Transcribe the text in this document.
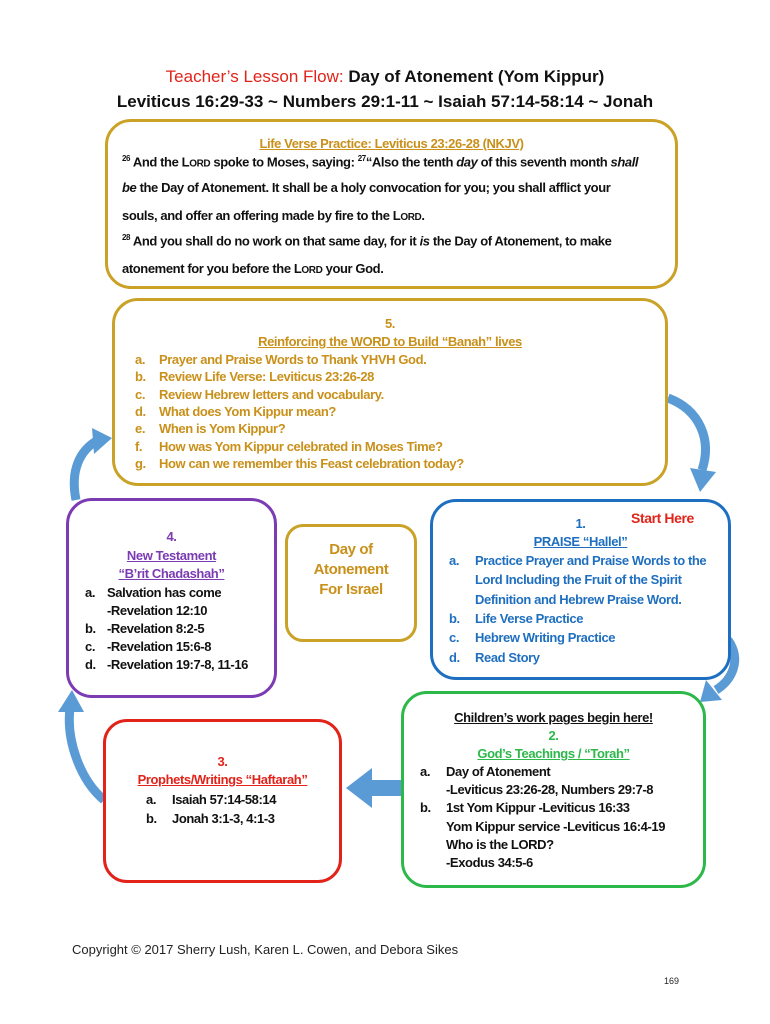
Teacher’s Lesson Flow: Day of Atonement (Yom Kippur)
Leviticus 16:29-33 ~ Numbers 29:1-11 ~ Isaiah 57:14-58:14 ~ Jonah
Life Verse Practice: Leviticus 23:26-28 (NKJV)
$^{26}$ And the LORD spoke to Moses, saying: $^{27}$“Also the tenth day of this seventh month shall
be the Day of Atonement. It shall be a holy convocation for you; you shall afflict your
souls, and offer an offering made by fire to the LORD.
$^{28}$ And you shall do no work on that same day, for it is the Day of Atonement, to make
atonement for you before the LORD your God.
5.
Reinforcing the WORD to Build “Banah” lives
a. Prayer and Praise Words to Thank YHVH God.
b. Review Life Verse: Leviticus 23:26-28
c. Review Hebrew letters and vocabulary.
d. What does Yom Kippur mean?
e. When is Yom Kippur?
f. How was Yom Kippur celebrated in Moses Time?
g. How can we remember this Feast celebration today?
4.
New Testament
“B’rit Chadashah”
a. Salvation has come
-Revelation 12:10
b. -Revelation 8:2-5
c. -Revelation 15:6-8
d. -Revelation 19:7-8, 11-16
Day of
Atonement
For Israel
1.	Start Here
PRAISE “Hallel”
a. Practice Prayer and Praise Words to the
Lord Including the Fruit of the Spirit
Definition and Hebrew Praise Word.
b. Life Verse Practice
c. Hebrew Writing Practice
d. Read Story
Children’s work pages begin here!
2.
God’s Teachings / “Torah”
a. Day of Atonement
-Leviticus 23:26-28, Numbers 29:7-8
b. 1st Yom Kippur -Leviticus 16:33
Yom Kippur service -Leviticus 16:4-19
Who is the LORD?
-Exodus 34:5-6
3.
Prophets/Writings “Haftarah”
a. Isaiah 57:14-58:14
b. Jonah 3:1-3, 4:1-3
Copyright © 2017 Sherry Lush, Karen L. Cowen, and Debora Sikes
169
